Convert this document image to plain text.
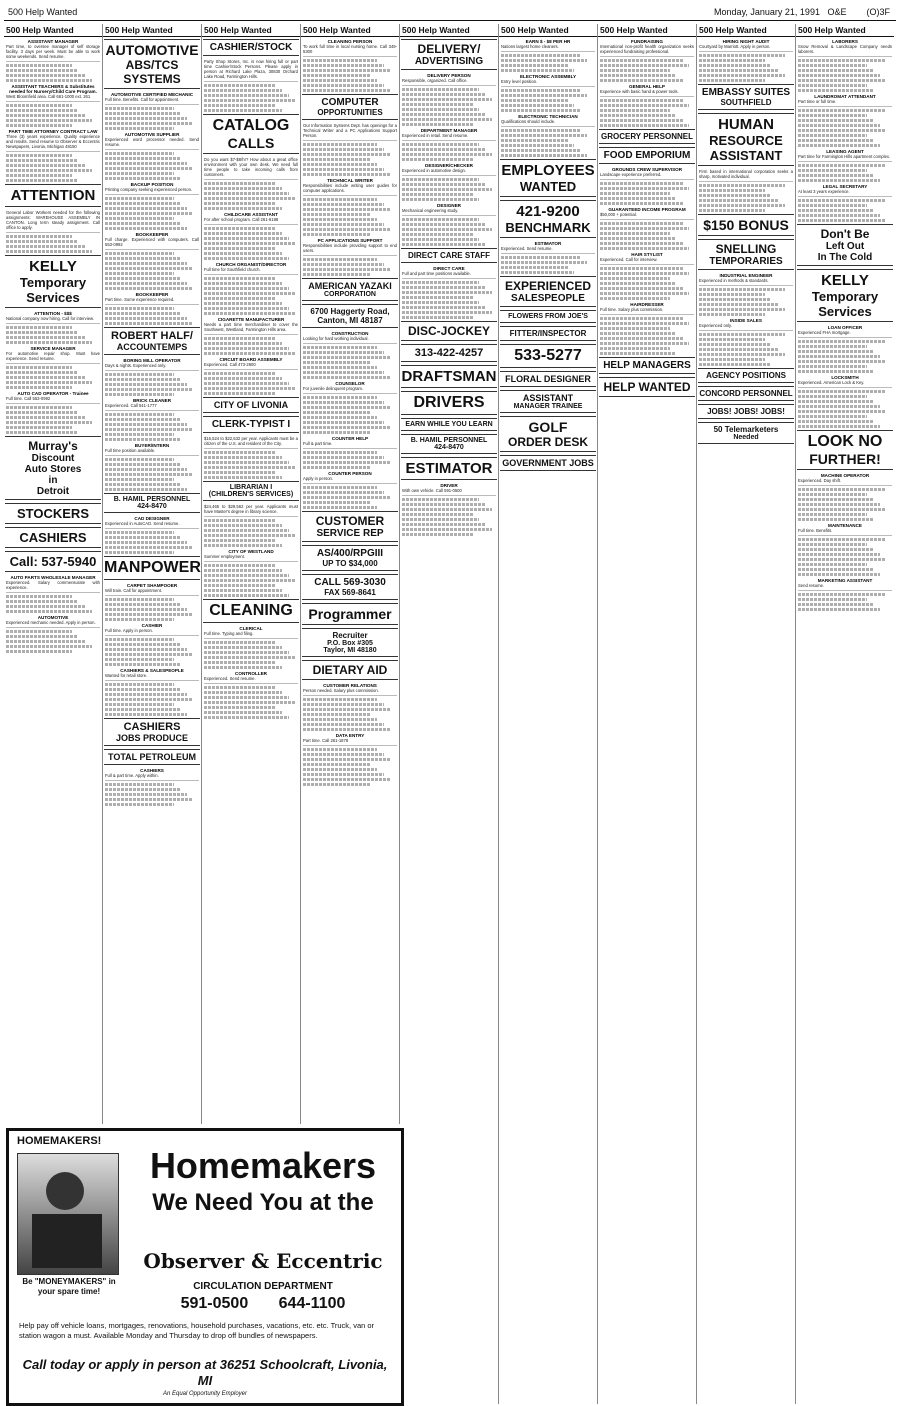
500 Help Wanted	Monday, January 21, 1991 O&E (O)3F
500 Help Wanted
ASSISTANT MANAGER
Part time, to oversee manager of self storage facility. 3 days per week. Must be able to work some weekends. Send resume.
ASSISTANT TEACHERS & Substitutes needed for Nursery/Child Care Program.
West Bloomfield area. Call 661-1000 ext. 261
PART TIME ATTORNEY CONTRACT LAW
Three (3) years experience. Quality experience and results. Send resume to Observer & Eccentric Newspapers, Livonia, Michigan 48150
ATTENTION
General Labor Workers needed for the following assignments: WAREHOUSE ASSEMBLY IN CANTON. Long term steady assignment. Call office to apply.
KELLY
Temporary
Services
ATTENTION - $$$
National company now hiring. Call for interview.
SERVICE MANAGER
For automotive repair shop. Must have experience. Send resume.
AUTO CAD OPERATOR - Trainee
Full time. Call 553-0992
Murray's
Discount
Auto Stores
in
Detroit
STOCKERS
CASHIERS
Call: 537-5940
AUTO PARTS WHOLESALE MANAGER
Experienced. Salary commensurate with experience.
AUTOMOTIVE
Experienced mechanic needed. Apply in person.
500 Help Wanted
AUTOMOTIVE
ABS/TCS
SYSTEMS
AUTOMOTIVE CERTIFIED MECHANIC
Full time. Benefits. Call for appointment.
AUTOMOTIVE SUPPLIER
Experienced word processor needed. Send resume.
BACKUP POSITION
Printing company seeking experienced person.
BOOKKEEPER
Full charge. Experienced with computers. Call 553-0992
BOOKKEEPER
Part time. Some experience required.
ROBERT HALF/
ACCOUNTEMPS
BORING MILL OPERATOR
Days & nights. Experienced only.
BRICK CLEANER
Experienced. Call 541-1777
BUYER/INTERN
Full time position available.
B. HAMIL PERSONNEL
424-8470
CAD DESIGNER
Experienced in AutoCAD. Send resume.
MANPOWER
CARPET SHAMPOOER
Will train. Call for appointment.
CASHIER
Full time. Apply in person.
CASHIERS & SALESPEOPLE
Wanted for retail store.
CASHIERS
JOBS PRODUCE
TOTAL PETROLEUM
CASHIERS
Full & part time. Apply within.
500 Help Wanted
CASHIER/STOCK
Party Shop Stores, Inc. is now hiring full or part time Cashier/Stock Persons. Please apply in person at Richard Lake Plaza, 30830 Orchard Lake Road, Farmington Hills.
CATALOG
CALLS
Do you want $7-$8/hr? How about a great office environment with your own desk. We need full time people to take incoming calls from customers.
CHILDCARE ASSISTANT
For after school program. Call 261-6188
CHURCH ORGANIST/DIRECTOR
Full time for Southfield church.
CIGARETTE MANUFACTURER
Needs a part time merchandiser to cover the Southwest, Westland, Farmington Hills area.
CIRCUIT BOARD ASSEMBLY
Experienced. Call 473-2600
CITY OF LIVONIA
CLERK-TYPIST I
$16,524 to $22,532 per year. Applicants must be a citizen of the U.S. and resident of the City.
LIBRARIAN I
(CHILDREN'S SERVICES)
$24,465 to $29,562 per year. Applicants must have Master's degree in library science.
CITY OF WESTLAND
Summer employment.
CLEANING
CLERICAL
Full time. Typing and filing.
CONTROLLER
Experienced. Send resume.
500 Help Wanted
CLEANING PERSON
To work full time in local nursing home. Call 349-5300
COMPUTER
OPPORTUNITIES
Our Information Systems Dept. has openings for a Technical Writer and a PC Applications Support Person.
TECHNICAL WRITER
Responsibilities include writing user guides for computer applications.
PC APPLICATIONS SUPPORT
Responsibilities include providing support to end users.
AMERICAN YAZAKI
CORPORATION
6700 Haggerty Road, Canton, MI 48187
CONSTRUCTION
Looking for hard working individual.
COUNSELOR
For juvenile delinquent program.
COUNTER HELP
Full & part time.
COUNTER PERSON
Apply in person.
CUSTOMER
SERVICE REP
AS/400/RPGIII
UP TO $34,000
CALL 569-3030
FAX 569-8641
Programmer
Recruiter
P.O. Box #305
Taylor, MI 48180
DIETARY AID
CUSTOMER RELATIONS
Person needed. Salary plus commission.
DATA ENTRY
Part time. Call 261-1878
500 Help Wanted
DELIVERY/
ADVERTISING
DELIVERY PERSON
Responsible, organized. Call office.
DEPARTMENT MANAGER
Experienced in retail. Send resume.
DESIGNER/CHECKER
Experienced in automotive design.
DESIGNER
Mechanical engineering study.
DIRECT CARE STAFF
DIRECT CARE
Full and part time positions available.
DISC-JOCKEY
313-422-4257
DRAFTSMAN
DRIVERS
EARN WHILE YOU LEARN
B. HAMIL PERSONNEL
424-8470
ESTIMATOR
DRIVER
With own vehicle. Call 591-0500
500 Help Wanted
EARN $ - $8 PER HR
Nations largest home cleaners.
ELECTRONIC ASSEMBLY
Entry level position.
ELECTRONIC TECHNICIAN
Qualifications should include.
EMPLOYEES
WANTED
421-9200
BENCHMARK
ESTIMATOR
Experienced. Send resume.
EXPERIENCED
SALESPEOPLE
FLOWERS FROM JOE'S
FITTER/INSPECTOR
533-5277
FLORAL DESIGNER
ASSISTANT
MANAGER TRAINEE
GOLF
ORDER DESK
GOVERNMENT JOBS
500 Help Wanted
FUNDRAISING
International non-profit health organization seeks experienced fundraising professional.
GENERAL HELP
Experience with basic hand & power tools.
GROCERY PERSONNEL
FOOD EMPORIUM
GROUNDS CREW SUPERVISOR
Landscape experience preferred.
GUARANTEED INCOME PROGRAM
$50,000 + potential.
HAIR STYLIST
Experienced. Call for interview.
HAIRDRESSER
Full time. Salary plus commission.
HELP MANAGERS
HELP WANTED
500 Help Wanted
HIRING NIGHT AUDIT
Courtyard by Marriott. Apply in person.
EMBASSY SUITES
SOUTHFIELD
HUMAN
RESOURCE
ASSISTANT
Firm based in international corporation seeks a sharp, motivated individual.
$150 BONUS
SNELLING
TEMPORARIES
INDUSTRIAL ENGINEER
Experienced in methods & standards.
INSIDE SALES
Experienced only.
AGENCY POSITIONS
CONCORD PERSONNEL
JOBS! JOBS! JOBS!
50 Telemarketers
Needed
500 Help Wanted
LABORERS
Snow Removal & Landscape Company needs laborers.
LAUNDROMAT ATTENDANT
Part time or full time.
LEASING AGENT
Part time for Farmington Hills apartment complex.
LEGAL SECRETARY
At least 3 years experience.
Don't Be
Left Out
In The Cold
KELLY
Temporary
Services
LOAN OFFICER
Experienced FHA mortgage.
LOCKSMITH
Experienced. American Lock & Key.
LOOK NO
FURTHER!
MACHINE OPERATOR
Experienced. Day shift.
MAINTENANCE
Full time. Benefits.
MARKETING ASSISTANT
Send resume.
HOMEMAKERS!
Be "MONEYMAKERS" in your spare time!
Homemakers
We Need You at the
Observer & Eccentric
CIRCULATION DEPARTMENT
591-0500 644-1100
Help pay off vehicle loans, mortgages, renovations, household purchases, vacations, etc. etc. Truck, van or station wagon a must. Available Monday and Thursday to drop off bundles of newspapers.
Call today or apply in person at 36251 Schoolcraft, Livonia, MI
An Equal Opportunity Employer
